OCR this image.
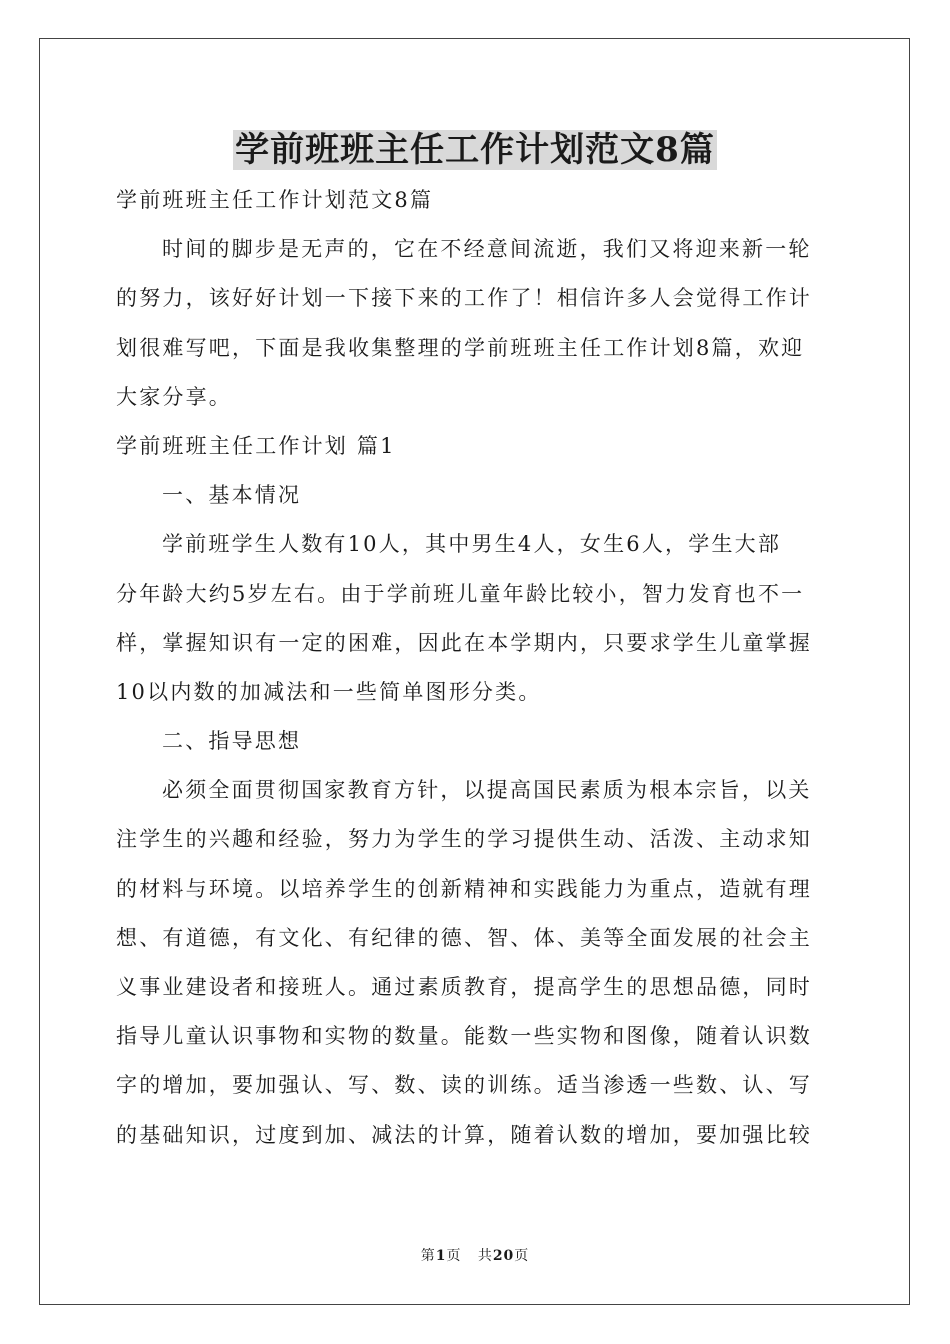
学前班班主任工作计划范文8篇

学前班班主任工作计划范文8篇

时间的脚步是无声的，它在不经意间流逝，我们又将迎来新一轮

的努力，该好好计划一下接下来的工作了！相信许多人会觉得工作计

划很难写吧，下面是我收集整理的学前班班主任工作计划8篇，欢迎

大家分享。

学前班班主任工作计划 篇1

一、基本情况

学前班学生人数有10人，其中男生4人，女生6人，学生大部

分年龄大约5岁左右。由于学前班儿童年龄比较小，智力发育也不一

样，掌握知识有一定的困难，因此在本学期内，只要求学生儿童掌握

10以内数的加减法和一些简单图形分类。

二、指导思想

必须全面贯彻国家教育方针，以提高国民素质为根本宗旨，以关

注学生的兴趣和经验，努力为学生的学习提供生动、活泼、主动求知

的材料与环境。以培养学生的创新精神和实践能力为重点，造就有理

想、有道德，有文化、有纪律的德、智、体、美等全面发展的社会主

义事业建设者和接班人。通过素质教育，提高学生的思想品德，同时

指导儿童认识事物和实物的数量。能数一些实物和图像，随着认识数

字的增加，要加强认、写、数、读的训练。适当渗透一些数、认、写

的基础知识，过度到加、减法的计算，随着认数的增加，要加强比较

第1页 共20页
